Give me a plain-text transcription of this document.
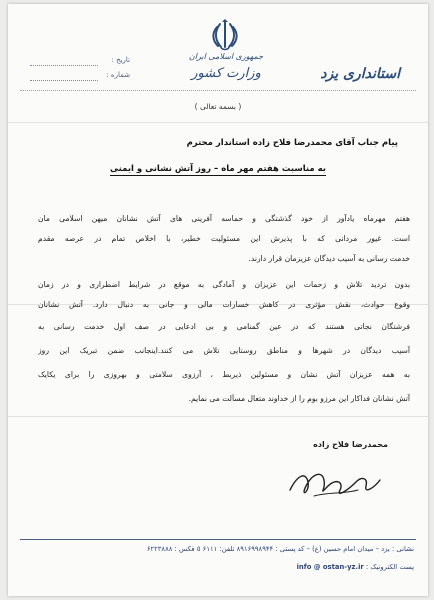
جمهوری اسلامی ایران
وزارت کشور	استانداری یزد
تاریخ :
شماره :
( بسمه تعالی )
پیام جناب آقای محمدرضا فلاح زاده استاندار محترم
به مناسبت هفتم مهر ماه – روز آتش نشانی و ایمنی
هفتم مهرماه یادآور از خود گذشتگی و حماسه آفرینی های آتش نشانان میهن اسلامی مان
است. غیور مردانی که با پذیرش این مسئولیت خطیر، با اخلاص تمام در عرصه مقدم
خدمت رسانی به آسیب دیدگان عزیزمان قرار دارند.
بدون تردید تلاش و زحمات این عزیزان و آمادگی به موقع در شرایط اضطراری و در زمان
وقوع حوادث، نقش مؤثری در کاهش خسارات مالی و جانی به دنبال دارد. آتش نشانان
فرشتگان نجاتی هستند که در عین گمنامی و بی ادعایی در صف اول خدمت رسانی به
آسیب دیدگان در شهرها و مناطق روستایی تلاش می کنند.اینجانب ضمن تبریک این روز
به همه عزیزان آتش نشان و مسئولین ذیربط ، آرزوی سلامتی و بهروزی را برای یکایک
آتش نشانان فداکار این مرزو بوم را از خداوند متعال مسألت می نمایم.
محمدرضا فلاح زاده
نشانی : یزد – میدان امام حسین (ع) – کد پستی : ۸۹۱۶۹۹۸۹۴۴ تلفن: ۶۱۱۱ ٥ فکس : ۶۲۲۳۸۸۸
پست الکترونیک : info @ ostan-yz.ir
